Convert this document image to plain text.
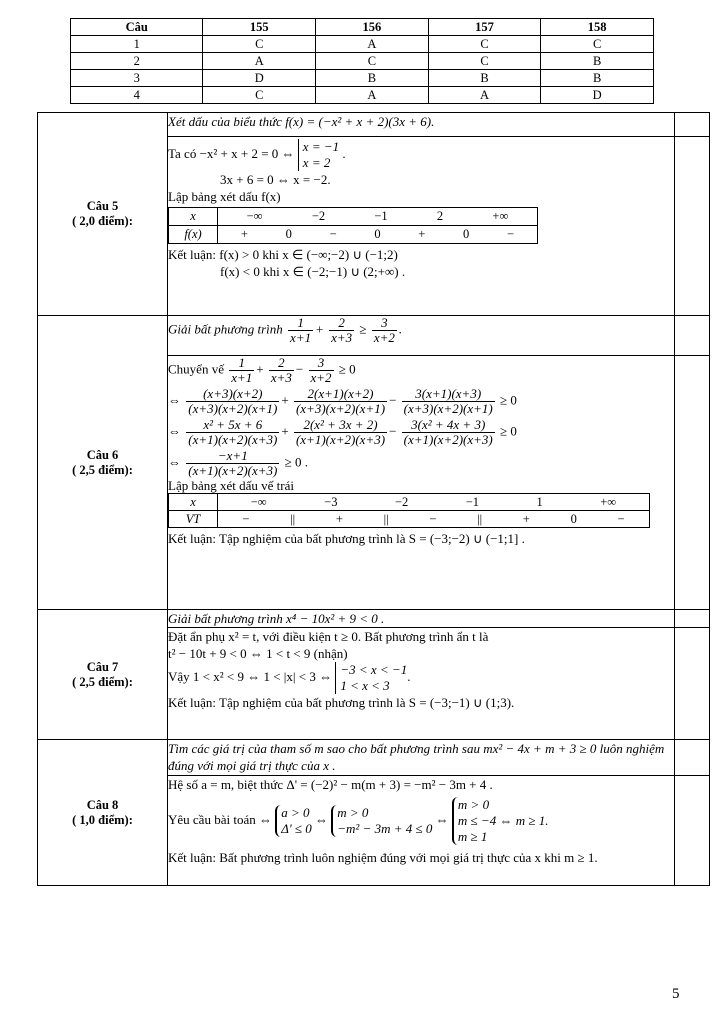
Câu	155	156	157	158
1	C	A	C	C
2	A	C	C	B
3	D	B	B	B
4	C	A	A	D
Câu 5
( 2,0 điểm):
	Xét dấu của biểu thức f(x) = (−x² + x + 2)(3x + 6).	

Ta có −x² + x + 2 = 0 ⇔ x = −1
x = 2
.
3x + 6 = 0 ⇔ x = −2.
Lập bảng xét dấu f(x)
x	−∞	−2	−1	2	+∞

f(x)	+	0	−	0	+	0	−
Kết luận: f(x) > 0 khi x ∈ (−∞;−2) ∪ (−1;2)
f(x) < 0 khi x ∈ (−2;−1) ∪ (2;+∞) .

Câu 6
( 2,5 điểm):
	Giải bất phương trình $\frac{1}{x+1} + \frac{2}{x+3} \ge \frac{3}{x+2}$ .	

Chuyển vế $\frac{1}{x+1} + \frac{2}{x+3} - \frac{3}{x+2} \ge 0$
⇔ $\frac{(x+3)(x+2)}{(x+3)(x+2)(x+1)} + \frac{2(x+1)(x+2)}{(x+3)(x+2)(x+1)} - \frac{3(x+1)(x+3)}{(x+3)(x+2)(x+1)} \ge 0$
⇔ $\frac{\text{x² + 5x + 6}}{(x+1)(x+2)(x+3)} + \frac{\text{2(x² + 3x + 2)}}{(x+1)(x+2)(x+3)} - \frac{\text{3(x² + 4x + 3)}}{(x+1)(x+2)(x+3)} \ge 0$
⇔ $\frac{-x+1}{(x+1)(x+2)(x+3)} \ge 0$ .
Lập bảng xét dấu vế trái
x	−∞	−3	−2	−1	1	+∞

VT	−	||	+	||	−	||	+	0	−
Kết luận: Tập nghiệm của bất phương trình là S = (−3;−2) ∪ (−1;1] .

Câu 7
( 2,5 điểm):
	Giải bất phương trình x⁴ − 10x² + 9 < 0 .	

Đặt ẩn phụ x² = t, với điều kiện t ≥ 0. Bất phương trình ẩn t là
t² − 10t + 9 < 0 ⇔ 1 < t < 9 (nhận)
Vậy 1 < x² < 9 ⇔ 1 < |x| < 3 ⇔ −3 < x < −1
1 < x < 3
.
Kết luận: Tập nghiệm của bất phương trình là S = (−3;−1) ∪ (1;3).

Câu 8
( 1,0 điểm):
	Tìm các giá trị của tham số m sao cho bất phương trình sau mx² − 4x + m + 3 ≥ 0 luôn nghiệm đúng với mọi giá trị thực của x .	

Hệ số a = m, biệt thức Δ' = (−2)² − m(m + 3) = −m² − 3m + 4 .
Yêu cầu bài toán ⇔ a > 0
Δ' ≤ 0
⇔ m > 0
−m² − 3m + 4 ≤ 0
⇔
m > 0
m ≤ −4 ⇔ m ≥ 1.
m ≥ 1
Kết luận: Bất phương trình luôn nghiệm đúng với mọi giá trị thực của x khi m ≥ 1.

5
